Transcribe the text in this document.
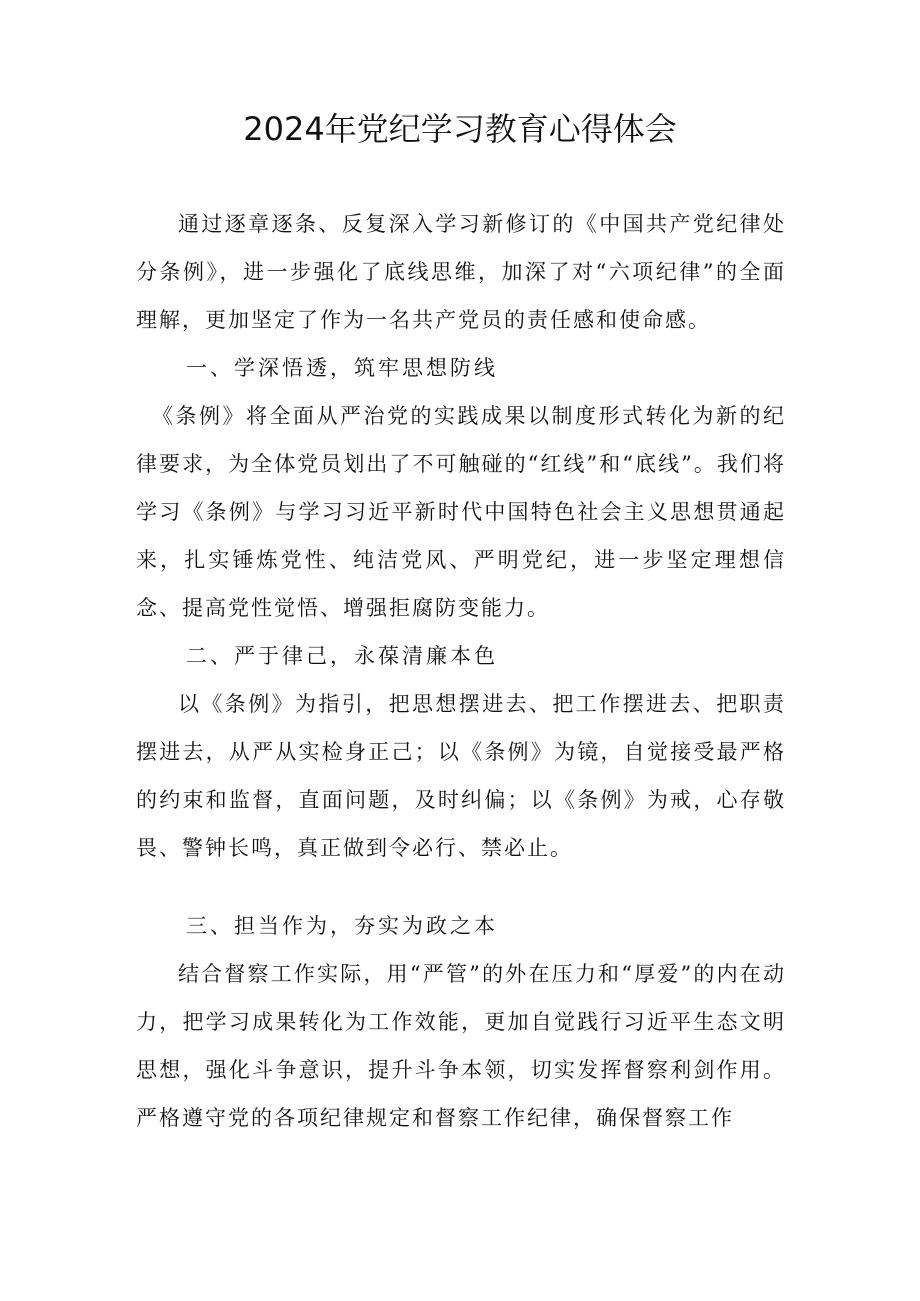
2024年党纪学习教育心得体会

通过逐章逐条、反复深入学习新修订的《中国共产党纪律处分条例》，进一步强化了底线思维，加深了对“六项纪律”的全面理解，更加坚定了作为一名共产党员的责任感和使命感。

一、学深悟透，筑牢思想防线

《条例》将全面从严治党的实践成果以制度形式转化为新的纪律要求，为全体党员划出了不可触碰的“红线”和“底线”。我们将学习《条例》与学习习近平新时代中国特色社会主义思想贯通起来，扎实锤炼党性、纯洁党风、严明党纪，进一步坚定理想信念、提高党性觉悟、增强拒腐防变能力。

二、严于律己，永葆清廉本色

以《条例》为指引，把思想摆进去、把工作摆进去、把职责摆进去，从严从实检身正己；以《条例》为镜，自觉接受最严格的约束和监督，直面问题，及时纠偏；以《条例》为戒，心存敬畏、警钟长鸣，真正做到令必行、禁必止。

三、担当作为，夯实为政之本

结合督察工作实际，用“严管”的外在压力和“厚爱”的内在动力，把学习成果转化为工作效能，更加自觉践行习近平生态文明思想，强化斗争意识，提升斗争本领，切实发挥督察利剑作用。严格遵守党的各项纪律规定和督察工作纪律，确保督察工作
